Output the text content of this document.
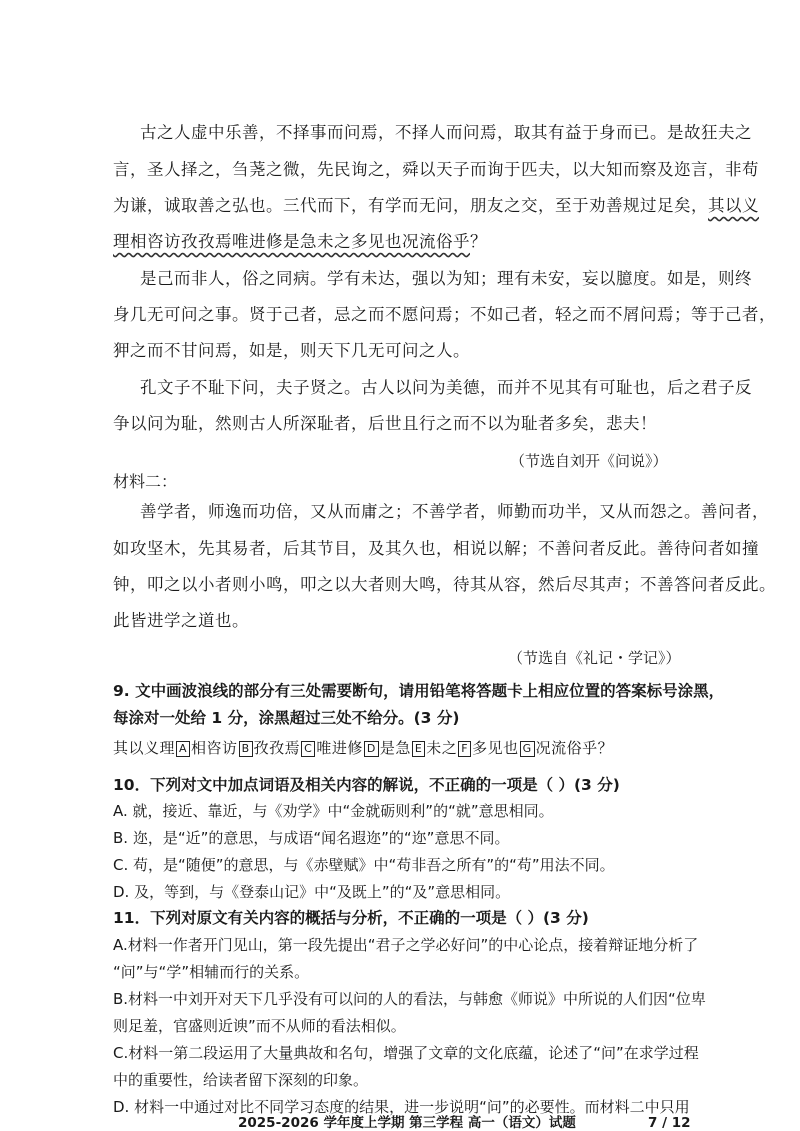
古之人虚中乐善，不择事而问焉，不择人而问焉，取其有益于身而已。是故狂夫之
言，圣人择之，刍荛之微，先民询之，舜以天子而询于匹夫，以大知而察及迩言，非苟
为谦，诚取善之弘也。三代而下，有学而无问，朋友之交，至于劝善规过足矣，其以义
理相咨访孜孜焉唯进修是急未之多见也况流俗乎？
是己而非人，俗之同病。学有未达，强以为知；理有未安，妄以臆度。如是，则终
身几无可问之事。贤于己者，忌之而不愿问焉；不如己者，轻之而不屑问焉；等于己者，
狎之而不甘问焉，如是，则天下几无可问之人。
孔文子不耻下问，夫子贤之。古人以问为美德，而并不见其有可耻也，后之君子反
争以问为耻，然则古人所深耻者，后世且行之而不以为耻者多矣，悲夫！
（节选自刘开《问说》）
材料二：
善学者，师逸而功倍，又从而庸之；不善学者，师勤而功半，又从而怨之。善问者，
如攻坚木，先其易者，后其节目，及其久也，相说以解；不善问者反此。善待问者如撞
钟，叩之以小者则小鸣，叩之以大者则大鸣，待其从容，然后尽其声；不善答问者反此。
此皆进学之道也。
（节选自《礼记・学记》）
9. 文中画波浪线的部分有三处需要断句，请用铅笔将答题卡上相应位置的答案标号涂黑，
每涂对一处给 1 分，涂黑超过三处不给分。(3 分)
其以义理 A 相咨访 B 孜孜焉 C 唯进修 D 是急 E 未之 F 多见也 G 况流俗乎？
10．下列对文中加点词语及相关内容的解说，不正确的一项是（ ）(3 分)
A. 就，接近、靠近，与《劝学》中“金就砺则利”的“就”意思相同。
B. 迩，是“近”的意思，与成语“闻名遐迩”的“迩”意思不同。
C. 苟，是“随便”的意思，与《赤壁赋》中“苟非吾之所有”的“苟”用法不同。
D. 及，等到，与《登泰山记》中“及既上”的“及”意思相同。
11．下列对原文有关内容的概括与分析，不正确的一项是（ ）(3 分)
A.材料一作者开门见山，第一段先提出“君子之学必好问”的中心论点，接着辩证地分析了
“问”与“学”相辅而行的关系。
B.材料一中刘开对天下几乎没有可以问的人的看法，与韩愈《师说》中所说的人们因“位卑
则足羞，官盛则近谀”而不从师的看法相似。
C.材料一第二段运用了大量典故和名句，增强了文章的文化底蕴，论述了“问”在求学过程
中的重要性，给读者留下深刻的印象。
D. 材料一中通过对比不同学习态度的结果，进一步说明“问”的必要性。而材料二中只用
2025-2026 学年度上学期 第三学程 高一（语文）试题	7 / 12
